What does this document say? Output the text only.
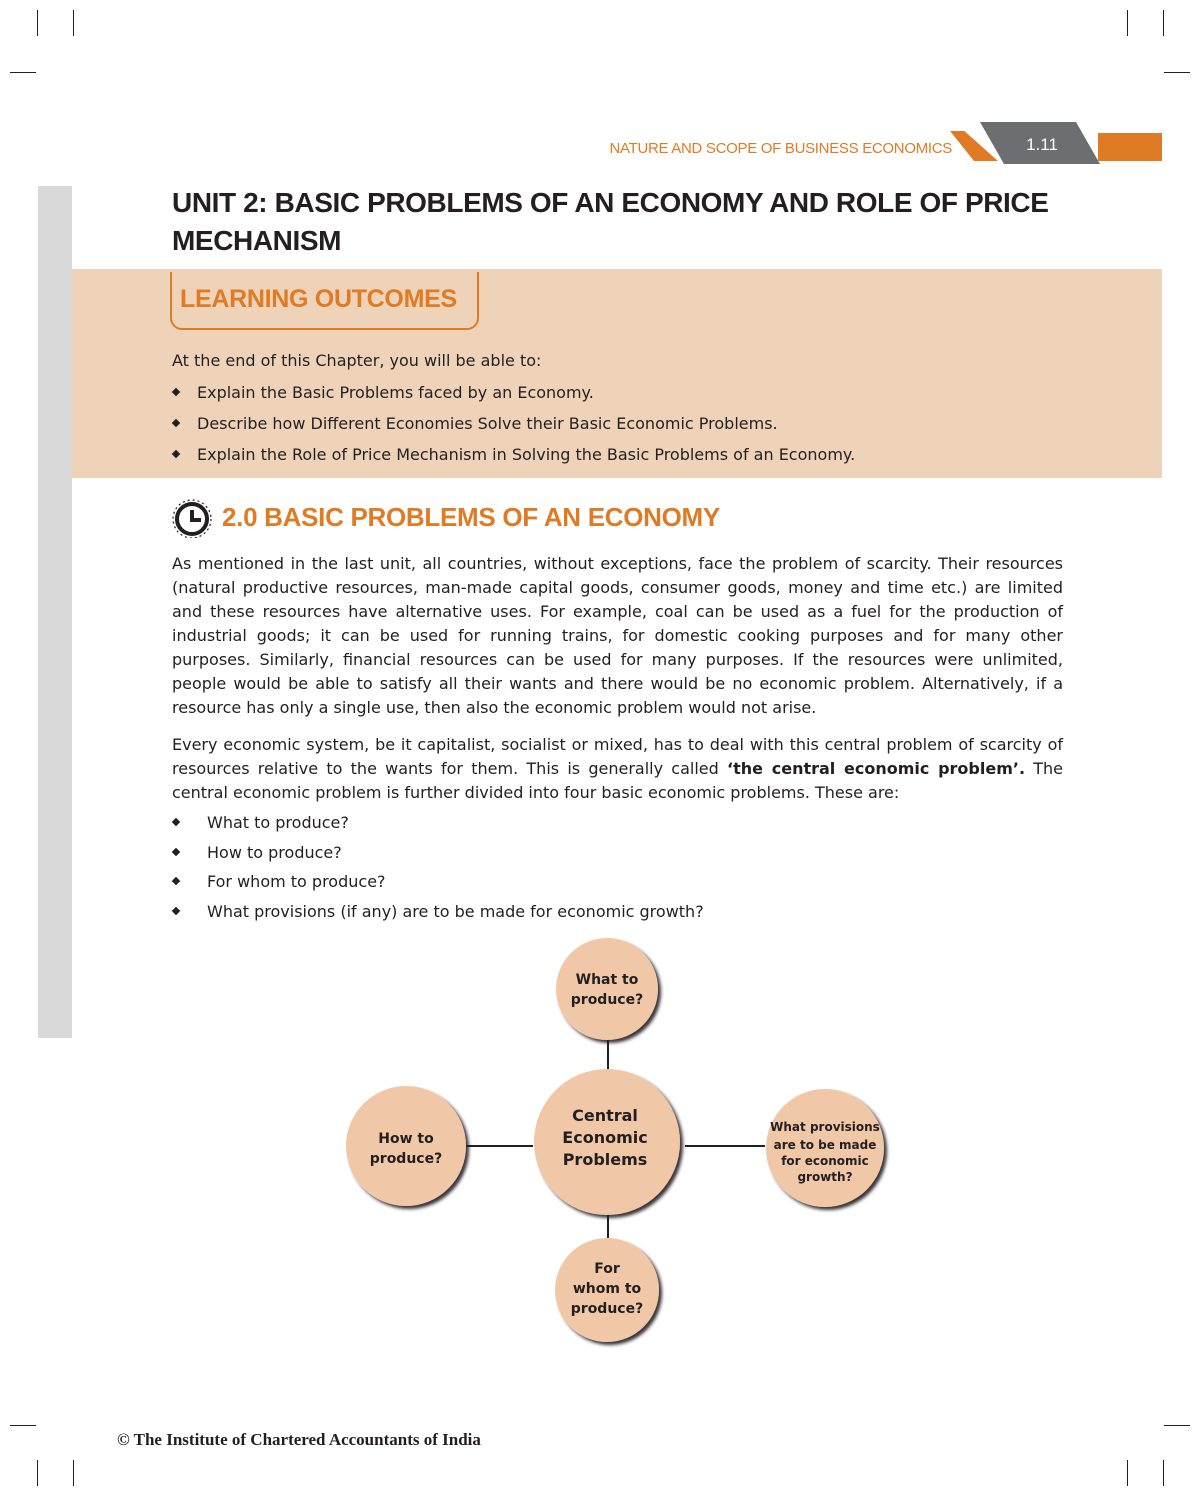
NATURE AND SCOPE OF BUSINESS ECONOMICS	1.11
UNIT 2: BASIC PROBLEMS OF AN ECONOMY AND ROLE OF PRICE MECHANISM
LEARNING OUTCOMES
At the end of this Chapter, you will be able to:
Explain the Basic Problems faced by an Economy.
Describe how Different Economies Solve their Basic Economic Problems.
Explain the Role of Price Mechanism in Solving the Basic Problems of an Economy.
2.0 BASIC PROBLEMS OF AN ECONOMY

As mentioned in the last unit, all countries, without exceptions, face the problem of scarcity. Their resources (natural productive resources, man-made capital goods, consumer goods, money and time etc.) are limited and these resources have alternative uses. For example, coal can be used as a fuel for the production of industrial goods; it can be used for running trains, for domestic cooking purposes and for many other purposes. Similarly, financial resources can be used for many purposes. If the resources were unlimited, people would be able to satisfy all their wants and there would be no economic problem. Alternatively, if a resource has only a single use, then also the economic problem would not arise.

Every economic system, be it capitalist, socialist or mixed, has to deal with this central problem of scarcity of resources relative to the wants for them. This is generally called ‘the central economic problem’. The central economic problem is further divided into four basic economic problems. These are:

What to produce?
How to produce?
For whom to produce?
What provisions (if any) are to be made for economic growth?
What to
produce?
How to
produce?
Central
Economic
Problems
What provisions
are to be made
for economic
growth?
For
whom to
produce?
© The Institute of Chartered Accountants of India
